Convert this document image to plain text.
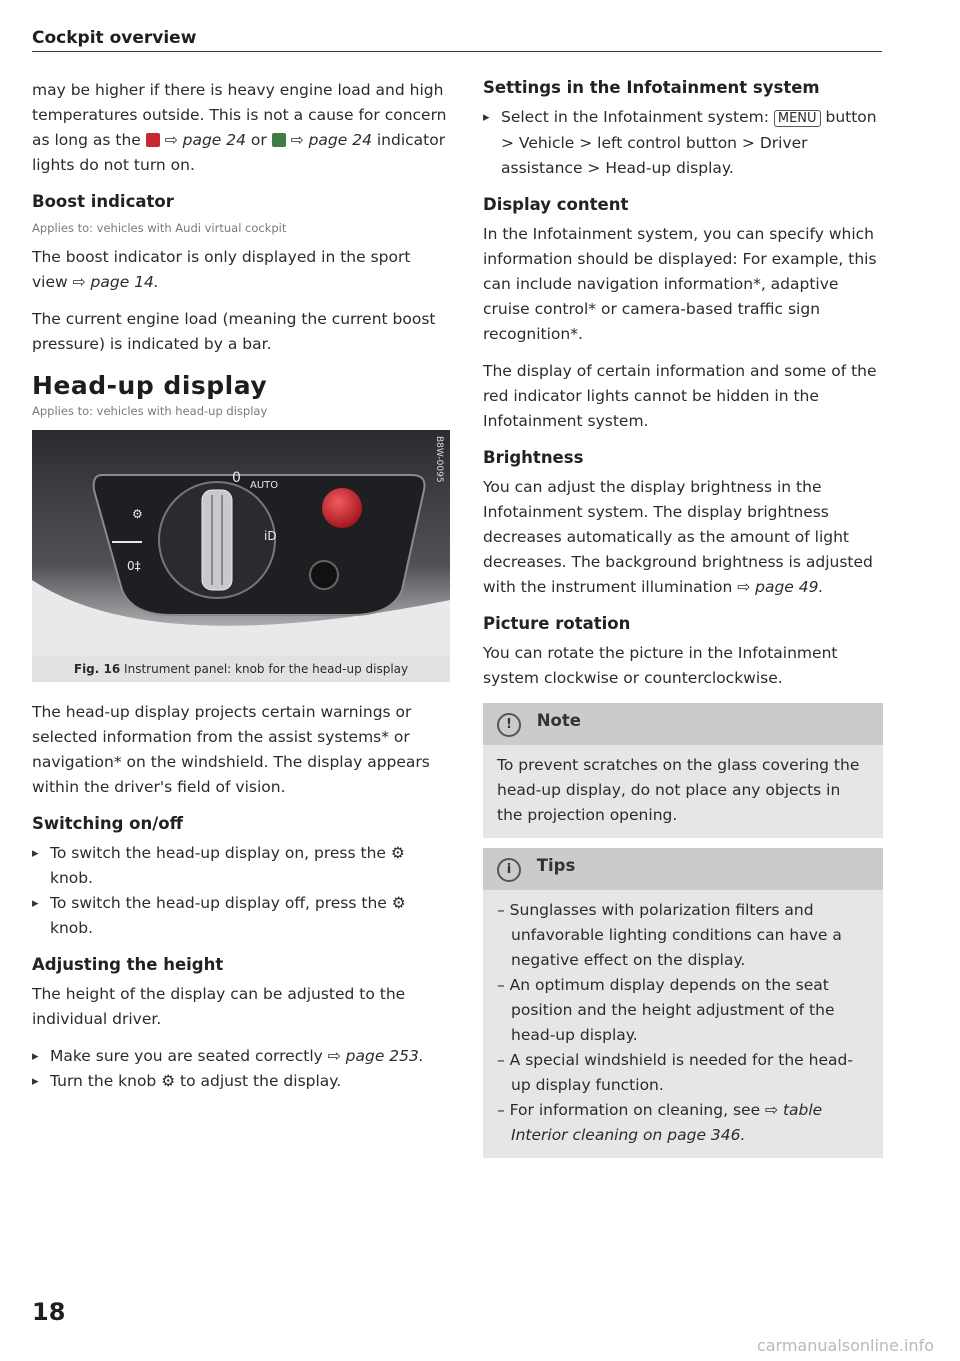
Cockpit overview

may be higher if there is heavy engine load and high temperatures outside. This is not a cause for concern as long as the ⇨ page 24 or ⇨ page 24 indicator lights do not turn on.

Boost indicator
Applies to: vehicles with Audi virtual cockpit

The boost indicator is only displayed in the sport view ⇨ page 14.

The current engine load (meaning the current boost pressure) is indicated by a bar.

Head-up display
Applies to: vehicles with head-up display
0 AUTO
⚙
iD
0‡
B8W-0095
Fig. 16 Instrument panel: knob for the head-up display

The head-up display projects certain warnings or selected information from the assist systems* or navigation* on the windshield. The display appears within the driver's field of vision.

Switching on/off
▸ To switch the head-up display on, press the ⚙ knob.
▸ To switch the head-up display off, press the ⚙ knob.
Adjusting the height

The height of the display can be adjusted to the individual driver.

▸ Make sure you are seated correctly ⇨ page 253.
▸ Turn the knob ⚙ to adjust the display.
Settings in the Infotainment system
▸ Select in the Infotainment system: MENU button > Vehicle > left control button > Driver assistance > Head-up display.
Display content

In the Infotainment system, you can specify which information should be displayed: For example, this can include navigation information*, adaptive cruise control* or camera-based traffic sign recognition*.

The display of certain information and some of the red indicator lights cannot be hidden in the Infotainment system.

Brightness

You can adjust the display brightness in the Infotainment system. The display brightness decreases automatically as the amount of light decreases. The background brightness is adjusted with the instrument illumination ⇨ page 49.

Picture rotation

You can rotate the picture in the Infotainment system clockwise or counterclockwise.

! Note
To prevent scratches on the glass covering the head-up display, do not place any objects in the projection opening.
i Tips
– Sunglasses with polarization filters and unfavorable lighting conditions can have a negative effect on the display.
– An optimum display depends on the seat position and the height adjustment of the head-up display.
– A special windshield is needed for the head-up display function.
– For information on cleaning, see ⇨ table Interior cleaning on page 346.
18
carmanualsonline.info
